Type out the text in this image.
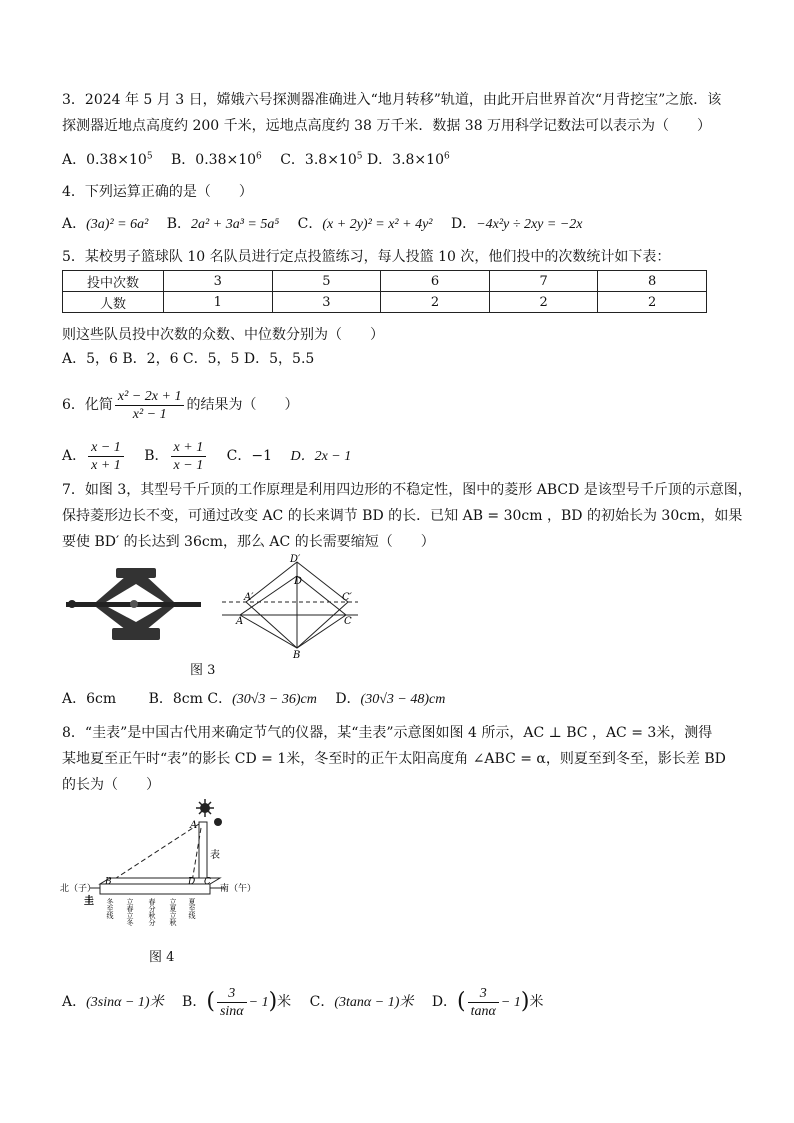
3．2024 年 5 月 3 日，嫦娥六号探测器准确进入“地月转移”轨道，由此开启世界首次“月背挖宝”之旅．该
探测器近地点高度约 200 千米，远地点高度约 38 万千米．数据 38 万用科学记数法可以表示为（　　）
A．$0.38\times 10^5$ B．$0.38\times 10^6$ C．$3.8\times 10^5$ D．$3.8\times 10^6$
4．下列运算正确的是（　　）
A．(3a)² = 6a² B．2a² + 3a³ = 5a⁵ C．(x + 2y)² = x² + 4y² D．−4x²y ÷ 2xy = −2x
5．某校男子篮球队 10 名队员进行定点投篮练习，每人投篮 10 次，他们投中的次数统计如下表：
投中次数	3	5	6	7	8
人数	1	3	2	2	2
则这些队员投中次数的众数、中位数分别为（　　）
A．5，6 B．2，6 C．5，5 D．5，5.5
6．化简 $\frac{\text{x² − 2x + 1}}{\text{x² − 1}}$ 的结果为（　　）
A． $\frac{x - 1}{x + 1}$ B． $\frac{x + 1}{x - 1}$ C．−1 D．2x − 1
7．如图 3，其型号千斤顶的工作原理是利用四边形的不稳定性，图中的菱形 ABCD 是该型号千斤顶的示意图，
保持菱形边长不变，可通过改变 AC 的长来调节 BD 的长．已知 AB = 30cm ，BD 的初始长为 30cm，如果
要使 BD′ 的长达到 36cm，那么 AC 的长需要缩短（　　）
D′
D
A′
A
C′
C
B
图 3
A．6cm B．8cm C．(30√3 − 36)cm D．(30√3 − 48)cm
8．“圭表”是中国古代用来确定节气的仪器，某“圭表”示意图如图 4 所示，AC ⊥ BC ，AC = 3米，测得
某地夏至正午时“表”的影长 CD = 1米，冬至时的正午太阳高度角 ∠ABC = α，则夏至到冬至，影长差 BD
的长为（　　）
表
A
B	C
D
北（子）	南（午）
圭 冬至线 立春立冬 春分秋分 立夏立秋 夏至线
图 4
A．(3sinα − 1)米 B．( $\frac{3}{\sin\alpha} - 1$)米 C．(3tanα − 1)米 D．( $\frac{3}{\tan\alpha} - 1$)米
